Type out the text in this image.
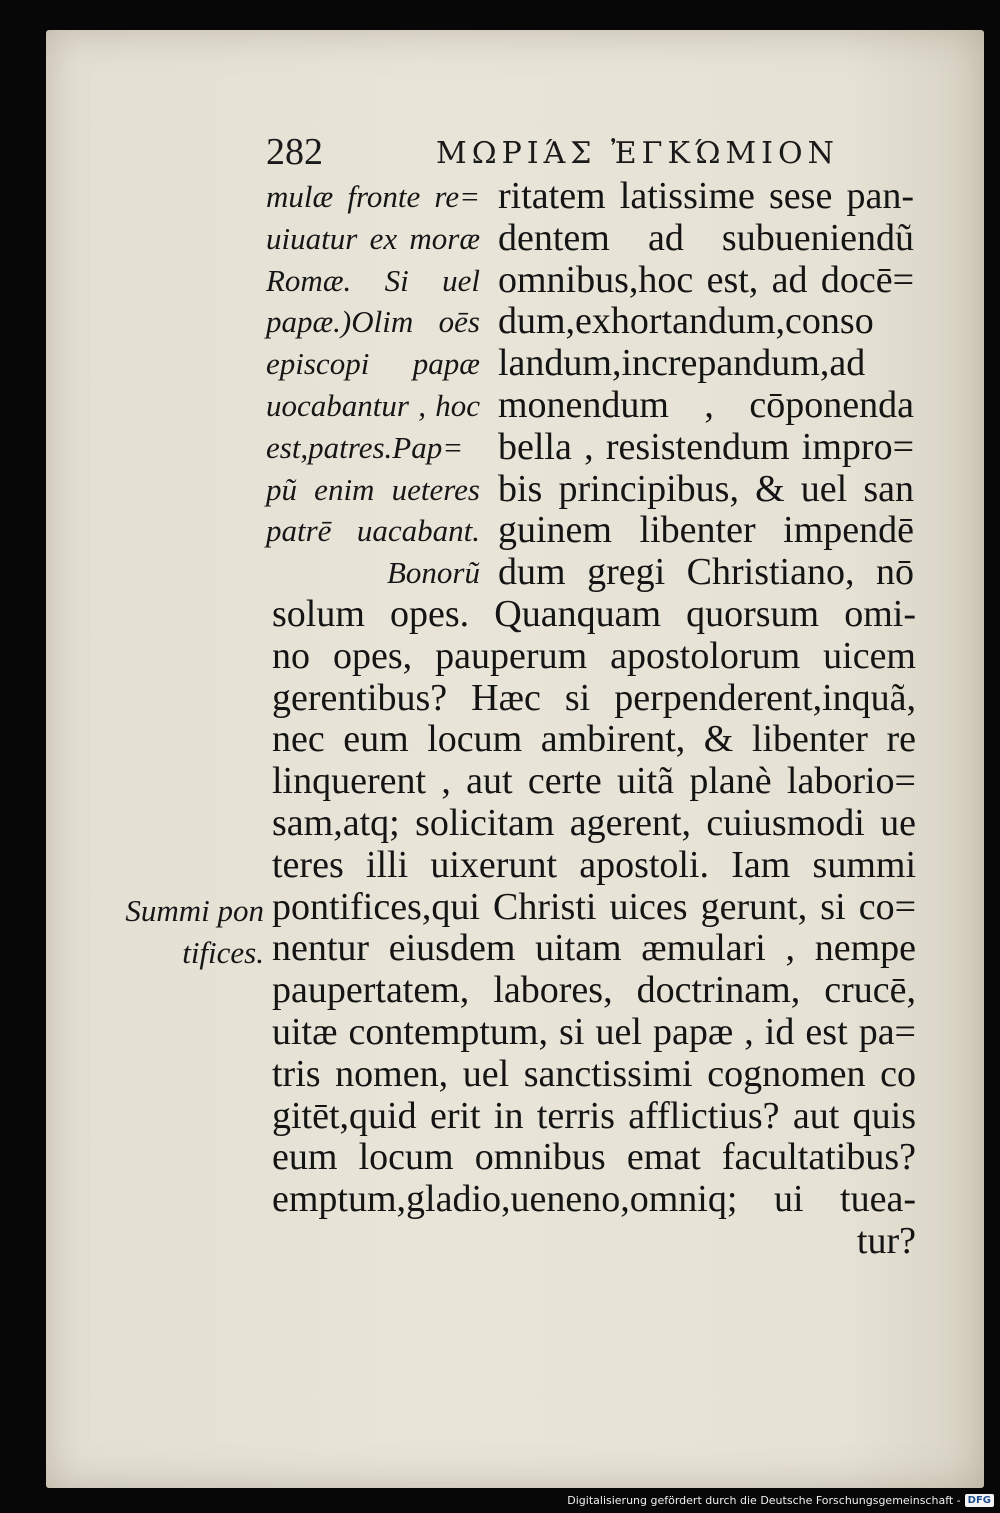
282	ΜΩΡΙΆΣ ἘΓΚΏΜΙΟΝ
mulæ fronte re=
uiuatur ex moræ
Romæ. Si uel
papæ.)Olim oēs
episcopi papæ
uocabantur , hoc
est,patres.Pap=
pũ enim ueteres
patrē uacabant.
Bonorũ
Summi pon
tifices.
ritatem latissime sese pan-
dentem ad subueniendũ
omnibus,hoc est, ad docē=
dum,exhortandum,conso
landum,increpandum,ad
monendum , cōponenda
bella , resistendum impro=
bis principibus, & uel san
guinem libenter impendē
dum gregi Christiano, nō
solum opes. Quanquam quorsum omi-
no opes, pauperum apostolorum uicem
gerentibus? Hæc si perpenderent,inquã,
nec eum locum ambirent, & libenter re
linquerent , aut certe uitã planè laborio=
sam,atq; solicitam agerent, cuiusmodi ue
teres illi uixerunt apostoli. Iam summi
pontifices,qui Christi uices gerunt, si co=
nentur eiusdem uitam æmulari , nempe
paupertatem, labores, doctrinam, crucē,
uitæ contemptum, si uel papæ , id est pa=
tris nomen, uel sanctissimi cognomen co
gitēt,quid erit in terris afflictius? aut quis
eum locum omnibus emat facultatibus?
emptum,gladio,ueneno,omniq; ui tuea-
tur?
Digitalisierung gefördert durch die Deutsche Forschungsgemeinschaft - DFG
